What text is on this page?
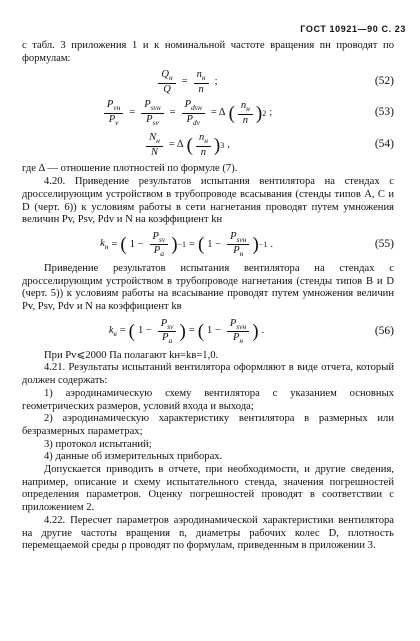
ГОСТ 10921—90 С. 23

с табл. 3 приложения 1 и к номинальной частоте вращения nн проводят по формулам:

$\frac{Q_н}{Q} = \frac{n_н}{n}$ ;	(52)
$\frac{P_{vн}}{P_v} = \frac{P_{svн}}{P_{sv}} = \frac{P_{dvн}}{P_{dv}} = \Delta$ ( $\frac{n_н}{n}$ ) 2 ;	(53)
$\frac{N_н}{N} = \Delta$ ( $\frac{n_н}{n}$ ) 3 ,	(54)

где Δ — отношение плотностей по формуле (7).

4.20. Приведение результатов испытания вентилятора на стендах с дросселирующим устройством в трубопроводе всасывания (стенды типов А, С и D (черт. 6)) к условиям работы в сети нагнетания проводят путем умножения величин Pv, Psv, Pdv и N на коэффициент kн

$k_н$ = ( $1 - \frac{P_{sv}}{P_a}$ ) −1 = ( $1 - \frac{P_{svн}}{P_н}$ ) −1 .	(55)

Приведение результатов испытания вентилятора на стендах с дросселирующим устройством в трубопроводе нагнетания (стенды типов В и D (черт. 5)) к условиям работы на всасывание проводят путем умножения величин Pv, Psv, Pdv и N на коэффициент kв

$k_в$ = ( $1 - \frac{P_{sv}}{P_a}$ ) = ( $1 - \frac{P_{svн}}{P_н}$ ) .	(56)

При Pv⩽2000 Па полагают kн=kв=1,0.

4.21. Результаты испытаний вентилятора оформляют в виде отчета, который должен содержать:

1) аэродинамическую схему вентилятора с указанием основных геометрических размеров, условий входа и выхода;

2) аэродинамическую характеристику вентилятора в размерных или безразмерных параметрах;

3) протокол испытаний;

4) данные об измерительных приборах.

Допускается приводить в отчете, при необходимости, и другие сведения, например, описание и схему испытательного стенда, значения погрешностей определения параметров. Оценку погрешностей проводят в соответствии с приложением 2.

4.22. Пересчет параметров аэродинамической характеристики вентилятора на другие частоты вращения n, диаметры рабочих колес D, плотность перемещаемой среды ρ проводят по формулам, приведенным в приложении 3.
